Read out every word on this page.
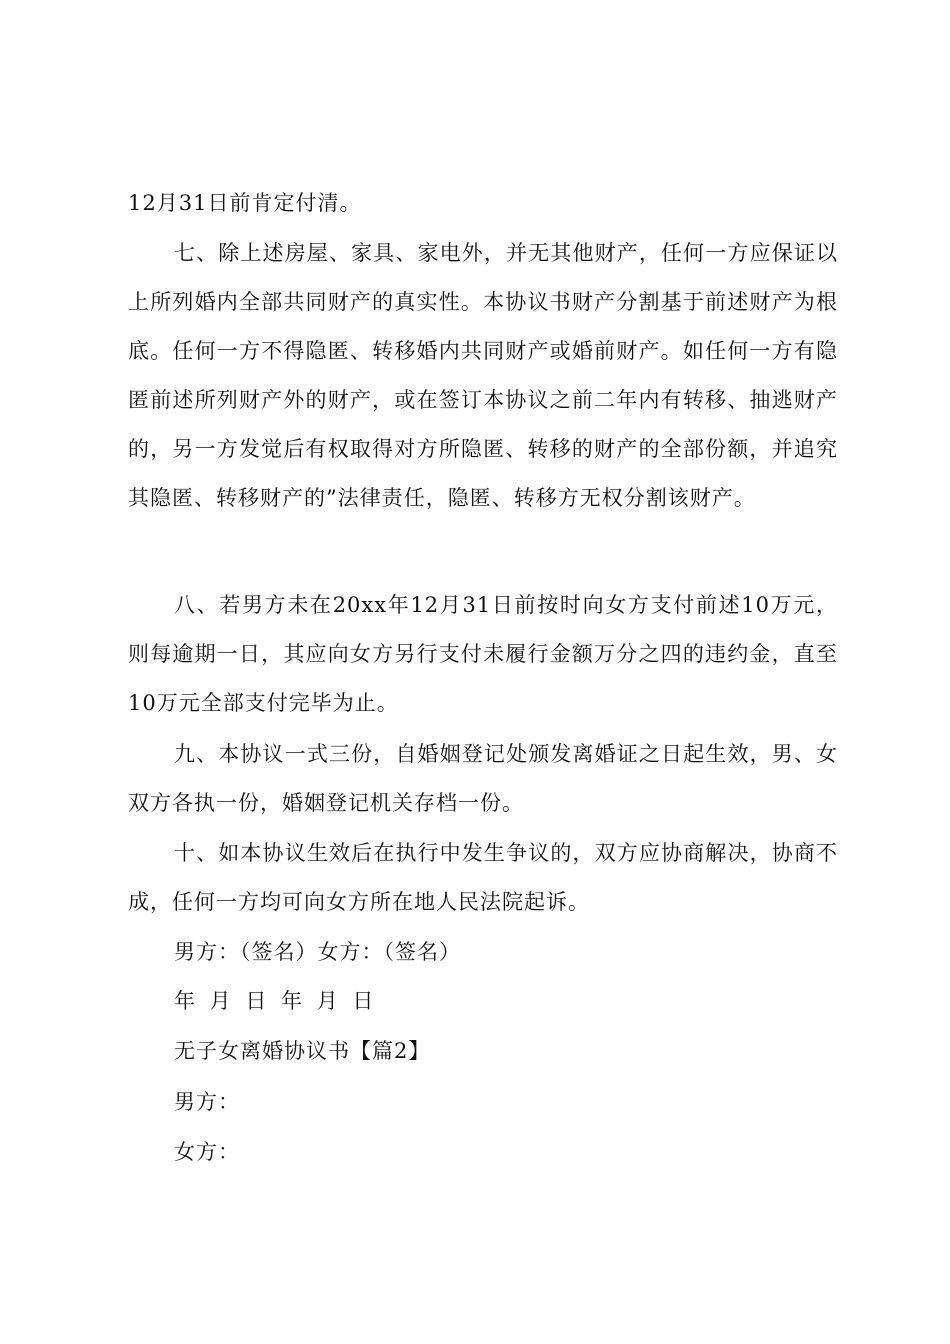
12月31日前肯定付清。

七、除上述房屋、家具、家电外，并无其他财产，任何一方应保证以上所列婚内全部共同财产的真实性。本协议书财产分割基于前述财产为根底。任何一方不得隐匿、转移婚内共同财产或婚前财产。如任何一方有隐匿前述所列财产外的财产，或在签订本协议之前二年内有转移、抽逃财产的，另一方发觉后有权取得对方所隐匿、转移的财产的全部份额，并追究其隐匿、转移财产的”法律责任，隐匿、转移方无权分割该财产。

八、若男方未在20xx年12月31日前按时向女方支付前述10万元，则每逾期一日，其应向女方另行支付未履行金额万分之四的违约金，直至10万元全部支付完毕为止。

九、本协议一式三份，自婚姻登记处颁发离婚证之日起生效，男、女双方各执一份，婚姻登记机关存档一份。

十、如本协议生效后在执行中发生争议的，双方应协商解决，协商不成，任何一方均可向女方所在地人民法院起诉。

男方：（签名）女方：（签名）

年 月 日 年 月 日

无子女离婚协议书【篇2】

男方：

女方：
